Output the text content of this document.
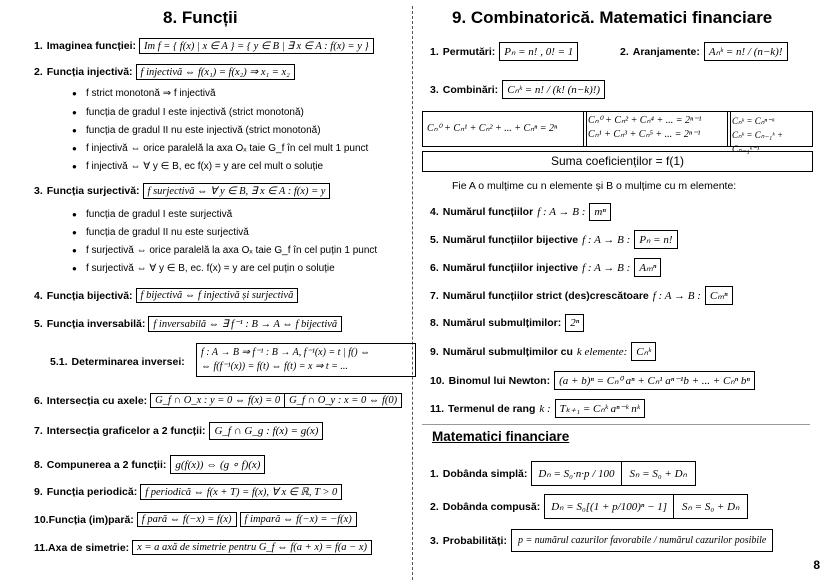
8. Funcții
1. Imaginea funcției: Im f = { f(x) | x ∈ A } = { y ∈ B | ∃ x ∈ A : f(x) = y }
2. Funcția injectivă: f injectivă ⇔ f(x₁) = f(x₂) ⇒ x₁ = x₂
● f strict monotonă ⇒ f injectivă
● funcția de gradul I este injectivă (strict monotonă)
● funcția de gradul II nu este injectivă (strict monotonă)
● f injectivă ⇔ orice paralelă la axa Oₓ taie G_f în cel mult 1 punct
● f injectivă ⇔ ∀ y ∈ B, ec f(x) = y are cel mult o soluție
3. Funcția surjectivă: f surjectivă ⇔ ∀ y ∈ B, ∃ x ∈ A : f(x) = y
● funcția de gradul I este surjectivă
● funcția de gradul II nu este surjectivă
● f surjectivă ⇔ orice paralelă la axa Oₓ taie G_f în cel puțin 1 punct
● f surjectivă ⇔ ∀ y ∈ B, ec. f(x) = y are cel puțin o soluție
4. Funcția bijectivă: f bijectivă ⇔ f injectivă și surjectivă
5. Funcția inversabilă: f inversabilă ⇔ ∃ f⁻¹ : B → A ⇔ f bijectivă
5.1. Determinarea inversei:
f : A → B ⇒ f⁻¹ : B → A, f⁻¹(x) = t | f() ⇔
⇔ f(f⁻¹(x)) = f(t) ⇔ f(t) = x ⇒ t = ...
6. Intersecția cu axele: G_f ∩ O_x : y = 0 ⇔ f(x) = 0 G_f ∩ O_y : x = 0 ⇔ f(0)
7. Intersecția graficelor a 2 funcții: G_f ∩ G_g : f(x) = g(x)
8. Compunerea a 2 funcții: g(f(x)) ⇔ (g ∘ f)(x)
9. Funcția periodică: f periodică ⇔ f(x + T) = f(x), ∀ x ∈ ℝ, T > 0
10. Funcția (im)pară: f pară ⇔ f(−x) = f(x)	f impară ⇔ f(−x) = −f(x)
11. Axa de simetrie: x = a axă de simetrie pentru G_f ⇔ f(a + x) = f(a − x)
9. Combinatorică. Matematici financiare
1. Permutări: Pₙ = n! , 0! = 1	2. Aranjamente: Aₙᵏ = n! / (n−k)!
3. Combinări: Cₙᵏ = n! / (k! (n−k)!)
Cₙ⁰ + Cₙ¹ + Cₙ² + ... + Cₙⁿ = 2ⁿ
Cₙ⁰ + Cₙ² + Cₙ⁴ + ... = 2ⁿ⁻¹
Cₙ¹ + Cₙ³ + Cₙ⁵ + ... = 2ⁿ⁻¹
Cₙᵏ = Cₙⁿ⁻ᵏ
Cₙᵏ = Cₙ₋₁ᵏ + Cₙ₋₁ᵏ⁻¹
Suma coeficienților = f(1)
Fie A o mulțime cu n elemente și B o mulțime cu m elemente:
4. Numărul funcțiilor f : A → B : mⁿ
5. Numărul funcțiilor bijective f : A → B : Pₙ = n!
6. Numărul funcțiilor injective f : A → B : Aₘⁿ
7. Numărul funcțiilor strict (des)crescătoare f : A → B : Cₘⁿ
8. Numărul submulțimilor: 2ⁿ
9. Numărul submulțimilor cu k elemente: Cₙᵏ
10. Binomul lui Newton: (a + b)ⁿ = Cₙ⁰ aⁿ + Cₙ¹ aⁿ⁻¹b + ... + Cₙⁿ bⁿ
11. Termenul de rang k : Tₖ₊₁ = Cₙᵏ aⁿ⁻ᵏ nᵏ
Matematici financiare
1. Dobânda simplă:	Dₙ = S₀·n·p / 100	Sₙ = S₀ + Dₙ
2. Dobânda compusă:	Dₙ = S₀[(1 + p/100)ⁿ − 1]	Sₙ = S₀ + Dₙ
3. Probabilități:	p = numărul cazurilor favorabile / numărul cazurilor posibile
8
